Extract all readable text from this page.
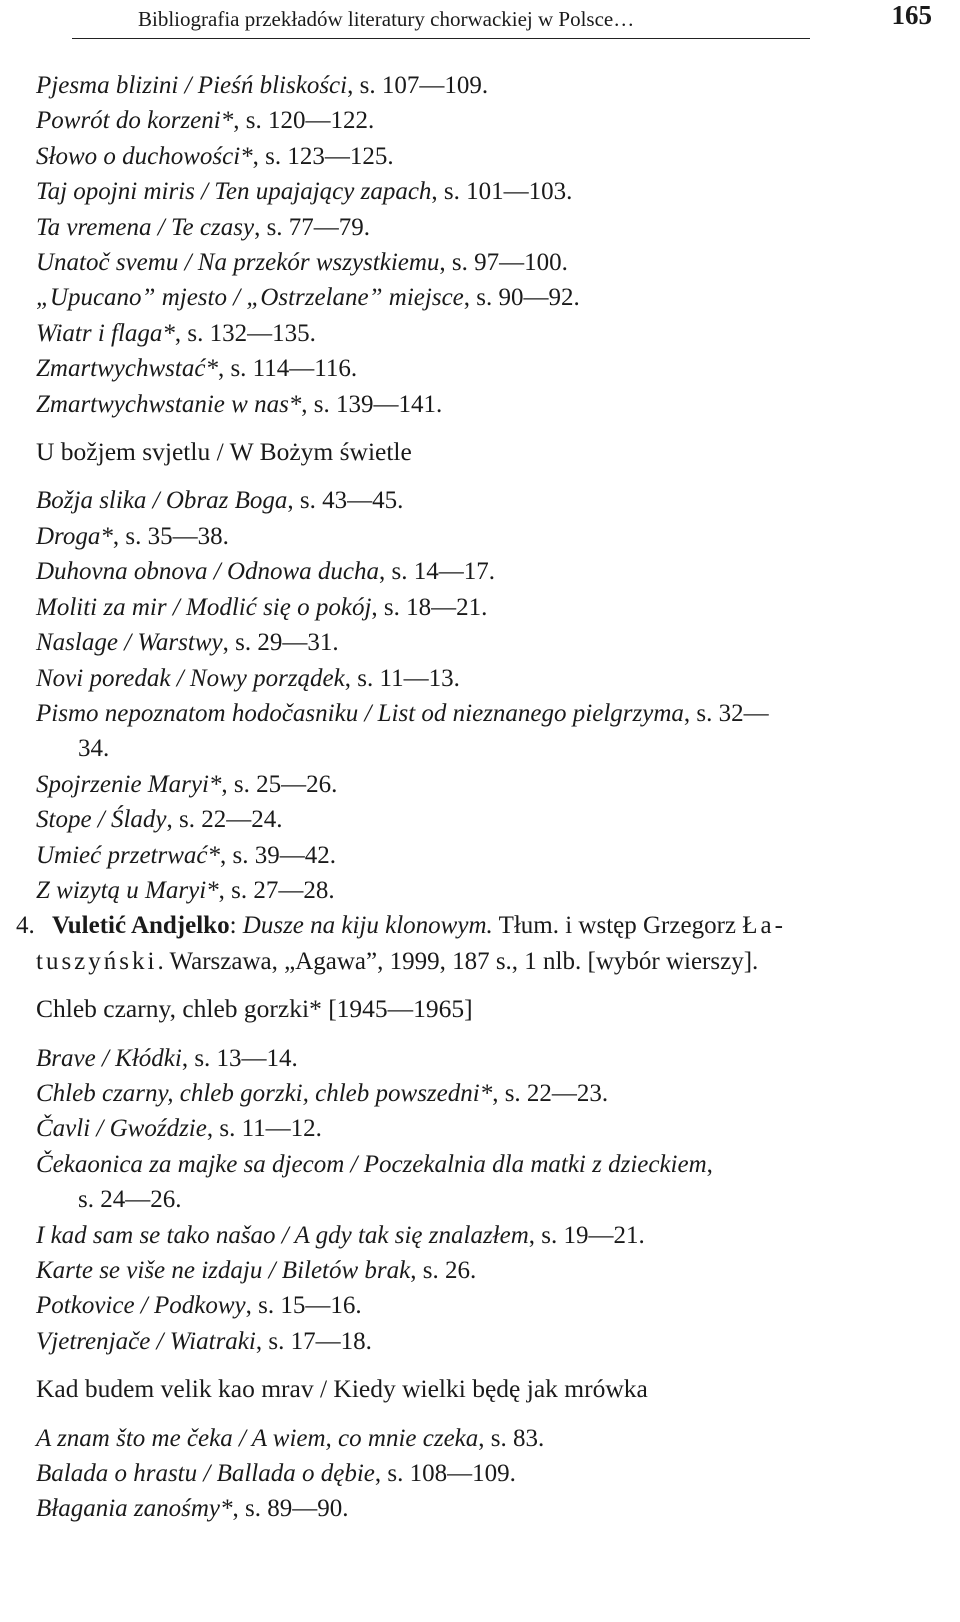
Bibliografia przekładów literatury chorwackiej w Polsce…	165
Pjesma blizini / Pieśń bliskości, s. 107—109.
Powrót do korzeni*, s. 120—122.
Słowo o duchowości*, s. 123—125.
Taj opojni miris / Ten upajający zapach, s. 101—103.
Ta vremena / Te czasy, s. 77—79.
Unatoč svemu / Na przekór wszystkiemu, s. 97—100.
„Upucano” mjesto / „Ostrzelane” miejsce, s. 90—92.
Wiatr i flaga*, s. 132—135.
Zmartwychwstać*, s. 114—116.
Zmartwychwstanie w nas*, s. 139—141.
U božjem svjetlu / W Bożym świetle
Božja slika / Obraz Boga, s. 43—45.
Droga*, s. 35—38.
Duhovna obnova / Odnowa ducha, s. 14—17.
Moliti za mir / Modlić się o pokój, s. 18—21.
Naslage / Warstwy, s. 29—31.
Novi poredak / Nowy porządek, s. 11—13.
Pismo nepoznatom hodočasniku / List od nieznanego pielgrzyma, s. 32—
34.
Spojrzenie Maryi*, s. 25—26.
Stope / Ślady, s. 22—24.
Umieć przetrwać*, s. 39—42.
Z wizytą u Maryi*, s. 27—28.
4. Vuletić Andjelko: Dusze na kiju klonowym. Tłum. i wstęp Grzegorz Ła-
tuszyński. Warszawa, „Agawa”, 1999, 187 s., 1 nlb. [wybór wierszy].
Chleb czarny, chleb gorzki* [1945—1965]
Brave / Kłódki, s. 13—14.
Chleb czarny, chleb gorzki, chleb powszedni*, s. 22—23.
Čavli / Gwoździe, s. 11—12.
Čekaonica za majke sa djecom / Poczekalnia dla matki z dzieckiem,
s. 24—26.
I kad sam se tako našao / A gdy tak się znalazłem, s. 19—21.
Karte se više ne izdaju / Biletów brak, s. 26.
Potkovice / Podkowy, s. 15—16.
Vjetrenjače / Wiatraki, s. 17—18.
Kad budem velik kao mrav / Kiedy wielki będę jak mrówka
A znam što me čeka / A wiem, co mnie czeka, s. 83.
Balada o hrastu / Ballada o dębie, s. 108—109.
Błagania zanośmy*, s. 89—90.
